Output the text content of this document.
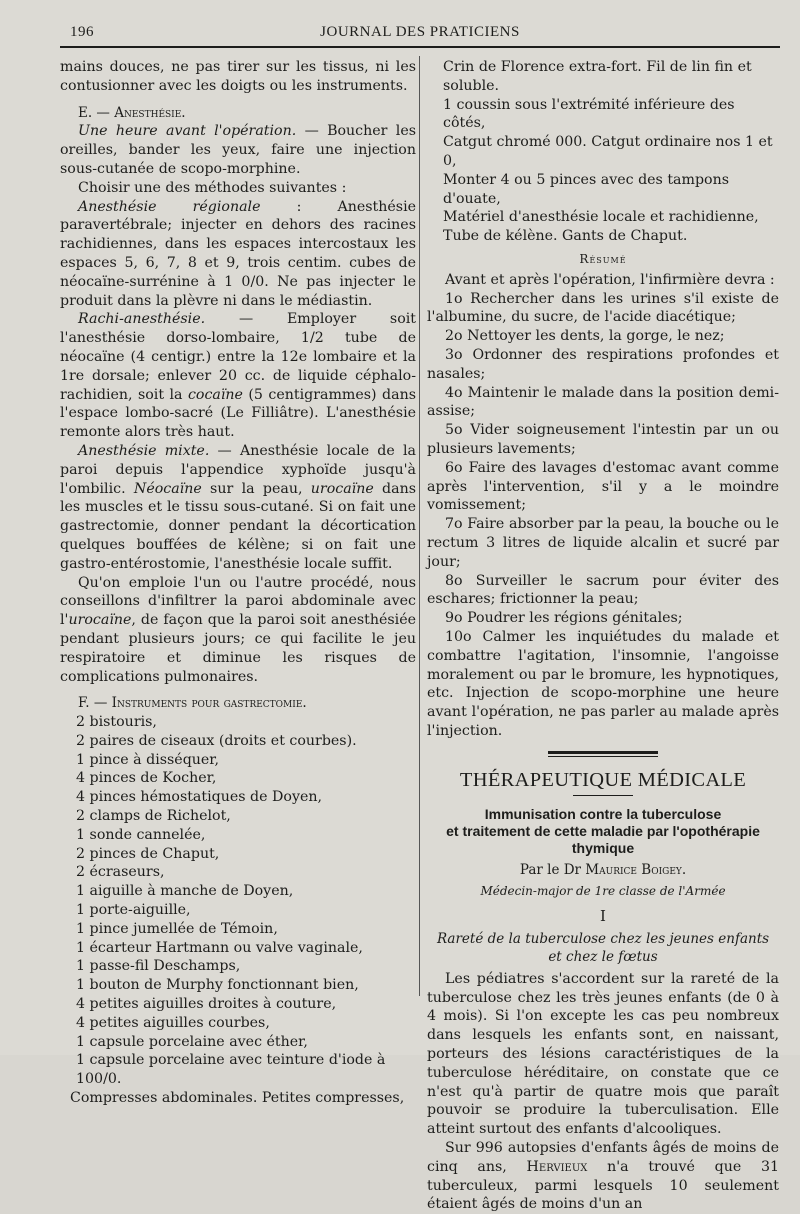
196	JOURNAL DES PRATICIENS

mains douces, ne pas tirer sur les tissus, ni les contusionner avec les doigts ou les instruments.

E. — Anesthésie.

Une heure avant l'opération. — Boucher les oreilles, bander les yeux, faire une injection sous-cutanée de scopo-morphine.

Choisir une des méthodes suivantes :

Anesthésie régionale : Anesthésie paravertébrale; injecter en dehors des racines rachidiennes, dans les espaces intercostaux les espaces 5, 6, 7, 8 et 9, trois centim. cubes de néocaïne-surrénine à 1 0/0. Ne pas injecter le produit dans la plèvre ni dans le médiastin.

Rachi-anesthésie. — Employer soit l'anesthésie dorso-lombaire, 1/2 tube de néocaïne (4 centigr.) entre la 12e lombaire et la 1re dorsale; enlever 20 cc. de liquide céphalo-rachidien, soit la cocaïne (5 centigrammes) dans l'espace lombo-sacré (Le Filliâtre). L'anesthésie remonte alors très haut.

Anesthésie mixte. — Anesthésie locale de la paroi depuis l'appendice xyphoïde jusqu'à l'ombilic. Néocaïne sur la peau, urocaïne dans les muscles et le tissu sous-cutané. Si on fait une gastrectomie, donner pendant la décortication quelques bouffées de kélène; si on fait une gastro-entérostomie, l'anesthésie locale suffit.

Qu'on emploie l'un ou l'autre procédé, nous conseillons d'infiltrer la paroi abdominale avec l'urocaïne, de façon que la paroi soit anesthésiée pendant plusieurs jours; ce qui facilite le jeu respiratoire et diminue les risques de complications pulmonaires.

F. — Instruments pour gastrectomie.

2 bistouris,
2 paires de ciseaux (droits et courbes).
1 pince à disséquer,
4 pinces de Kocher,
4 pinces hémostatiques de Doyen,
2 clamps de Richelot,
1 sonde cannelée,
2 pinces de Chaput,
2 écraseurs,
1 aiguille à manche de Doyen,
1 porte-aiguille,
1 pince jumellée de Témoin,
1 écarteur Hartmann ou valve vaginale,
1 passe-fil Deschamps,
1 bouton de Murphy fonctionnant bien,
4 petites aiguilles droites à couture,
4 petites aiguilles courbes,
1 capsule porcelaine avec éther,
1 capsule porcelaine avec teinture d'iode à 100/0.

Compresses abdominales. Petites compresses,

Crin de Florence extra-fort. Fil de lin fin et soluble.
1 coussin sous l'extrémité inférieure des côtés,
Catgut chromé 000. Catgut ordinaire nos 1 et 0,
Monter 4 ou 5 pinces avec des tampons d'ouate,
Matériel d'anesthésie locale et rachidienne,
Tube de kélène. Gants de Chaput.
Résumé

Avant et après l'opération, l'infirmière devra :

1o Rechercher dans les urines s'il existe de l'albumine, du sucre, de l'acide diacétique;

2o Nettoyer les dents, la gorge, le nez;

3o Ordonner des respirations profondes et nasales;

4o Maintenir le malade dans la position demi-assise;

5o Vider soigneusement l'intestin par un ou plusieurs lavements;

6o Faire des lavages d'estomac avant comme après l'intervention, s'il y a le moindre vomissement;

7o Faire absorber par la peau, la bouche ou le rectum 3 litres de liquide alcalin et sucré par jour;

8o Surveiller le sacrum pour éviter des eschares; frictionner la peau;

9o Poudrer les régions génitales;

10o Calmer les inquiétudes du malade et combattre l'agitation, l'insomnie, l'angoisse moralement ou par le bromure, les hypnotiques, etc. Injection de scopo-morphine une heure avant l'opération, ne pas parler au malade après l'injection.

THÉRAPEUTIQUE MÉDICALE
Immunisation contre la tuberculose
et traitement de cette maladie par l'opothérapie thymique
Par le Dr Maurice Boigey.
Médecin-major de 1re classe de l'Armée
I
Rareté de la tuberculose chez les jeunes enfants
et chez le fœtus

Les pédiatres s'accordent sur la rareté de la tuberculose chez les très jeunes enfants (de 0 à 4 mois). Si l'on excepte les cas peu nombreux dans lesquels les enfants sont, en naissant, porteurs des lésions caractéristiques de la tuberculose héréditaire, on constate que ce n'est qu'à partir de quatre mois que paraît pouvoir se produire la tuberculisation. Elle atteint surtout des enfants d'alcooliques.

Sur 996 autopsies d'enfants âgés de moins de cinq ans, Hervieux n'a trouvé que 31 tuberculeux, parmi lesquels 10 seulement étaient âgés de moins d'un an
